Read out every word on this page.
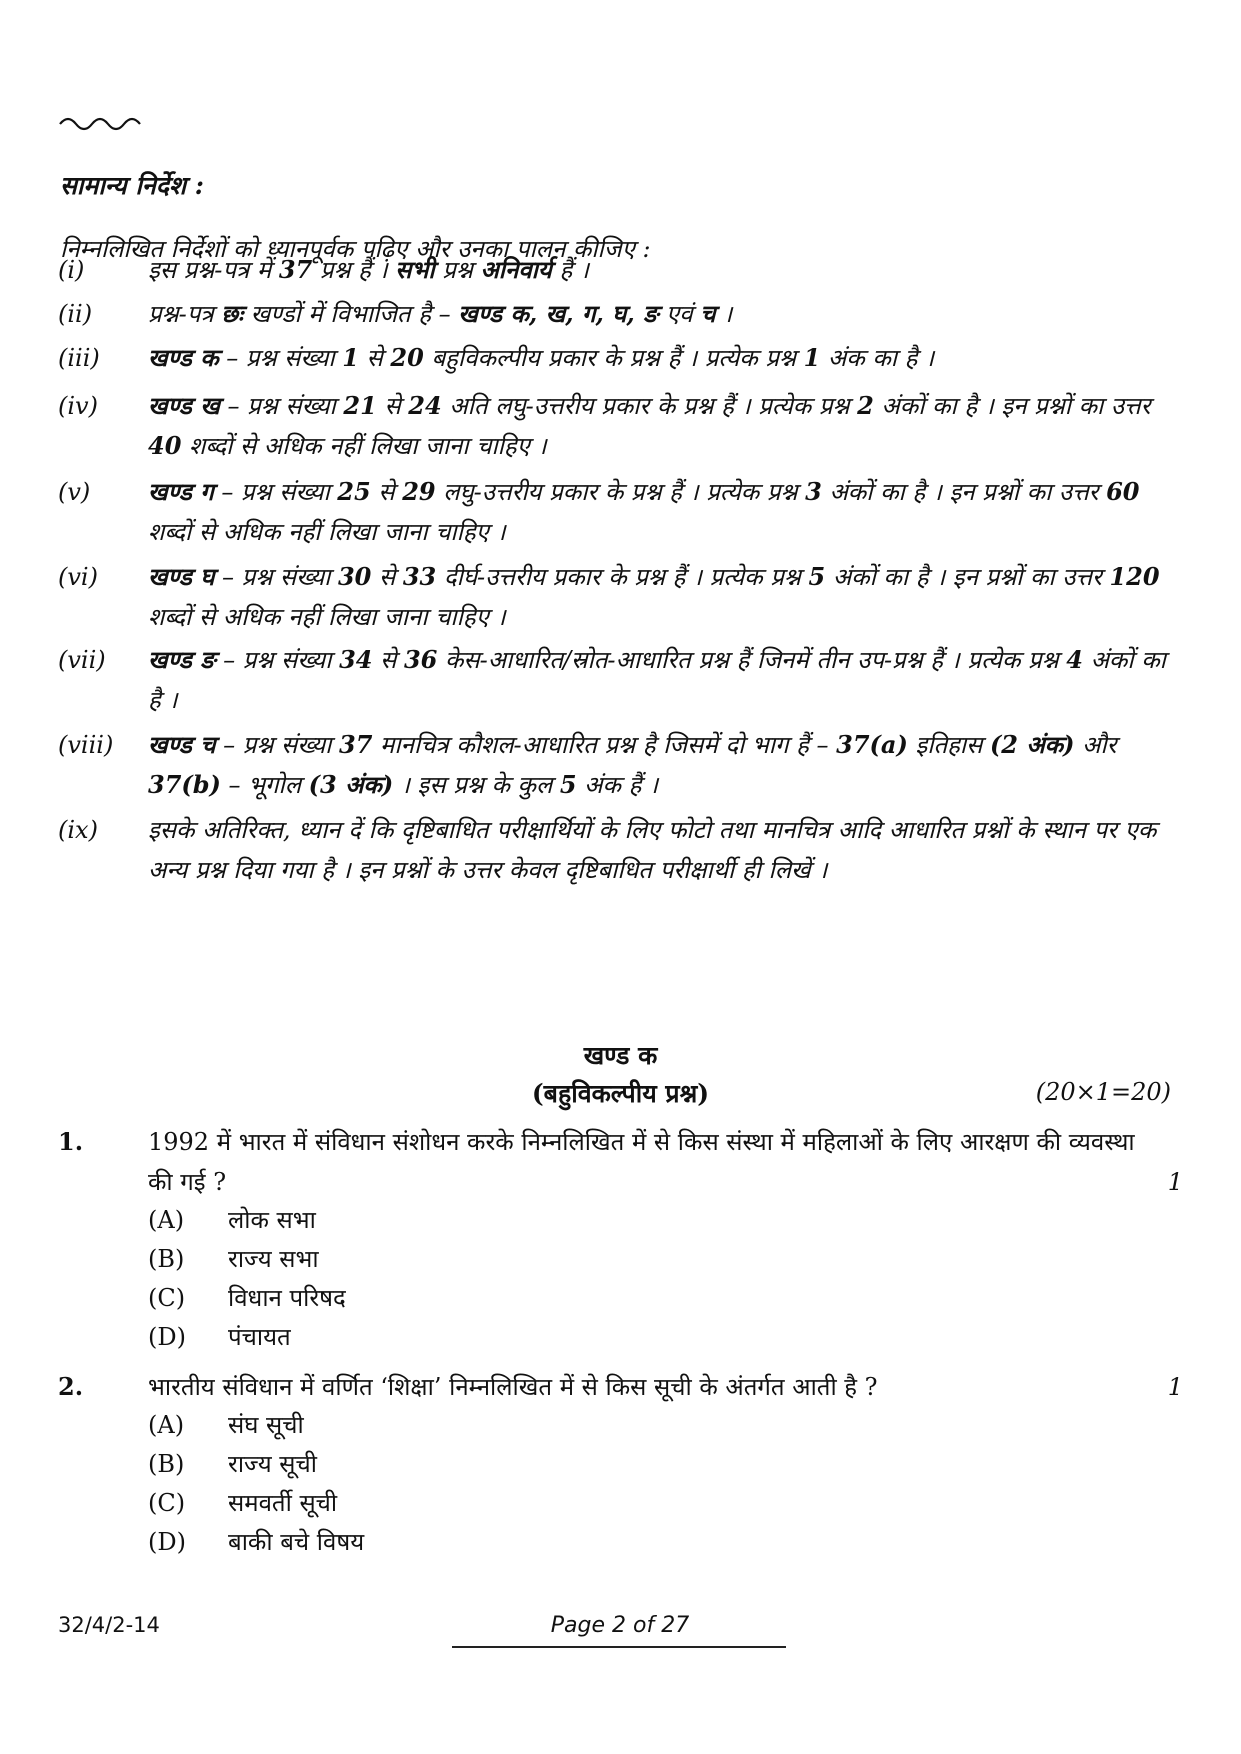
सामान्य निर्देश :
निम्नलिखित निर्देशों को ध्यानपूर्वक पढ़िए और उनका पालन कीजिए :
(i)	इस प्रश्न-पत्र में 37 प्रश्न हैं । सभी प्रश्न अनिवार्य हैं ।
(ii)	प्रश्न-पत्र छः खण्डों में विभाजित है – खण्ड क, ख, ग, घ, ङ एवं च ।
(iii)	खण्ड क – प्रश्न संख्या 1 से 20 बहुविकल्पीय प्रकार के प्रश्न हैं । प्रत्येक प्रश्न 1 अंक का है ।
(iv)	खण्ड ख – प्रश्न संख्या 21 से 24 अति लघु-उत्तरीय प्रकार के प्रश्न हैं । प्रत्येक प्रश्न 2 अंकों का है । इन प्रश्नों का उत्तर 40 शब्दों से अधिक नहीं लिखा जाना चाहिए ।
(v)	खण्ड ग – प्रश्न संख्या 25 से 29 लघु-उत्तरीय प्रकार के प्रश्न हैं । प्रत्येक प्रश्न 3 अंकों का है । इन प्रश्नों का उत्तर 60 शब्दों से अधिक नहीं लिखा जाना चाहिए ।
(vi)	खण्ड घ – प्रश्न संख्या 30 से 33 दीर्घ-उत्तरीय प्रकार के प्रश्न हैं । प्रत्येक प्रश्न 5 अंकों का है । इन प्रश्नों का उत्तर 120 शब्दों से अधिक नहीं लिखा जाना चाहिए ।
(vii)	खण्ड ङ – प्रश्न संख्या 34 से 36 केस-आधारित/स्रोत-आधारित प्रश्न हैं जिनमें तीन उप-प्रश्न हैं । प्रत्येक प्रश्न 4 अंकों का है ।
(viii)	खण्ड च – प्रश्न संख्या 37 मानचित्र कौशल-आधारित प्रश्न है जिसमें दो भाग हैं – 37(a) इतिहास (2 अंक) और 37(b) – भूगोल (3 अंक) । इस प्रश्न के कुल 5 अंक हैं ।
(ix)	इसके अतिरिक्त, ध्यान दें कि दृष्टिबाधित परीक्षार्थियों के लिए फोटो तथा मानचित्र आदि आधारित प्रश्नों के स्थान पर एक अन्य प्रश्न दिया गया है । इन प्रश्नों के उत्तर केवल दृष्टिबाधित परीक्षार्थी ही लिखें ।
खण्ड क
(बहुविकल्पीय प्रश्न)	(20×1=20)
1.	1992 में भारत में संविधान संशोधन करके निम्नलिखित में से किस संस्था में महिलाओं के लिए आरक्षण की व्यवस्था की गई ?	1
(A) लोक सभा
(B) राज्य सभा
(C) विधान परिषद
(D) पंचायत
2.	भारतीय संविधान में वर्णित ‘शिक्षा’ निम्नलिखित में से किस सूची के अंतर्गत आती है ?	1
(A) संघ सूची
(B) राज्य सूची
(C) समवर्ती सूची
(D) बाकी बचे विषय
32/4/2-14	Page 2 of 27
